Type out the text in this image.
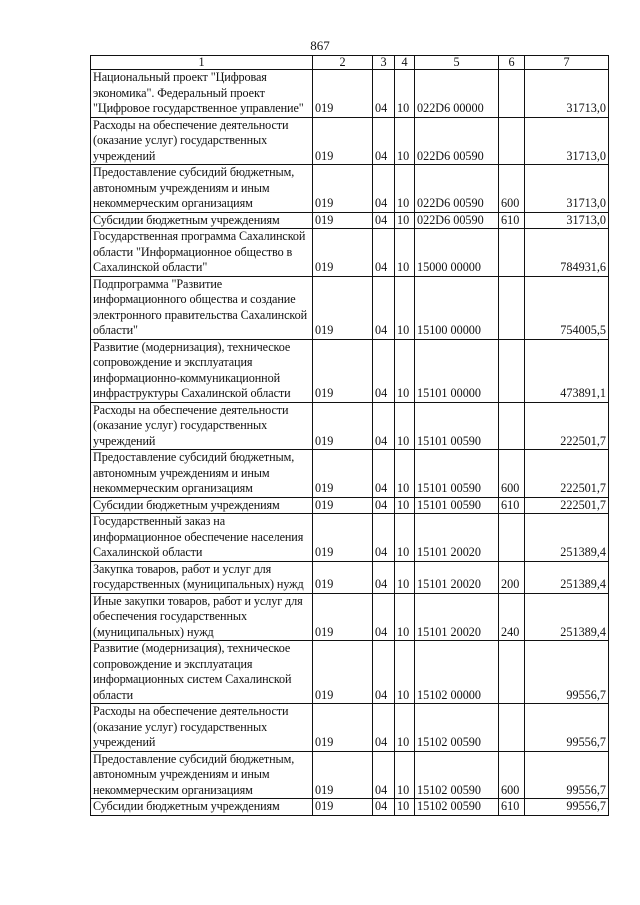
867
1	2	3	4	5	6	7
Национальный проект "Цифровая экономика". Федеральный проект "Цифровое государственное управление"	019	04	10	022D6 00000		31713,0
Расходы на обеспечение деятельности (оказание услуг) государственных учреждений	019	04	10	022D6 00590		31713,0
Предоставление субсидий бюджетным, автономным учреждениям и иным некоммерческим организациям	019	04	10	022D6 00590	600	31713,0
Субсидии бюджетным учреждениям	019	04	10	022D6 00590	610	31713,0
Государственная программа Сахалинской области "Информационное общество в Сахалинской области"	019	04	10	15000 00000		784931,6
Подпрограмма "Развитие информационного общества и создание электронного правительства Сахалинской области"	019	04	10	15100 00000		754005,5
Развитие (модернизация), техническое сопровождение и эксплуатация информационно-коммуникационной инфраструктуры Сахалинской области	019	04	10	15101 00000		473891,1
Расходы на обеспечение деятельности (оказание услуг) государственных учреждений	019	04	10	15101 00590		222501,7
Предоставление субсидий бюджетным, автономным учреждениям и иным некоммерческим организациям	019	04	10	15101 00590	600	222501,7
Субсидии бюджетным учреждениям	019	04	10	15101 00590	610	222501,7
Государственный заказ на информационное обеспечение населения Сахалинской области	019	04	10	15101 20020		251389,4
Закупка товаров, работ и услуг для государственных (муниципальных) нужд	019	04	10	15101 20020	200	251389,4
Иные закупки товаров, работ и услуг для обеспечения государственных (муниципальных) нужд	019	04	10	15101 20020	240	251389,4
Развитие (модернизация), техническое сопровождение и эксплуатация информационных систем Сахалинской области	019	04	10	15102 00000		99556,7
Расходы на обеспечение деятельности (оказание услуг) государственных учреждений	019	04	10	15102 00590		99556,7
Предоставление субсидий бюджетным, автономным учреждениям и иным некоммерческим организациям	019	04	10	15102 00590	600	99556,7
Субсидии бюджетным учреждениям	019	04	10	15102 00590	610	99556,7
